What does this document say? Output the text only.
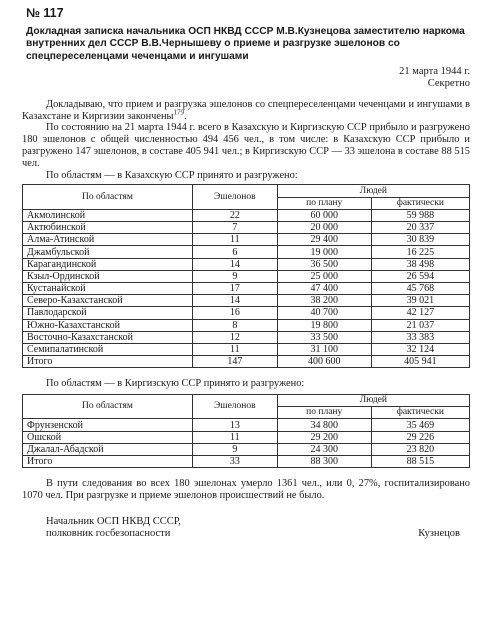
№ 117
Докладная записка начальника ОСП НКВД СССР М.В.Кузнецова заместителю наркома внутренних дел СССР В.В.Чернышеву о приеме и разгрузке эшелонов со спецпереселенцами чеченцами и ингушами
21 марта 1944 г.
Секретно

Докладываю, что прием и разгрузка эшелонов со спецпереселенцами чеченцами и ингушами в Казахстане и Киргизии закончены$^{179}$.

По состоянию на 21 марта 1944 г. всего в Казахскую и Киргизскую ССР прибыло и разгружено 180 эшелонов с общей численностью 494 456 чел., в том числе: в Казахскую ССР прибыло и разгружено 147 эшелонов, в составе 405 941 чел.; в Киргизскую ССР — 33 эшелона в составе 88 515 чел.

По областям — в Казахскую ССР принято и разгружено:

По областям	Эшелонов	Людей	
		по плану	фактически
Акмолинской	22	60 000	59 988
Актюбинской	7	20 000	20 337
Алма-Атинской	11	29 400	30 839
Джамбульской	6	19 000	16 225
Карагандинской	14	36 500	38 498
Кзыл-Ординской	9	25 000	26 594
Кустанайской	17	47 400	45 768
Северо-Казахстанской	14	38 200	39 021
Павлодарской	16	40 700	42 127
Южно-Казахстанской	8	19 800	21 037
Восточно-Казахстанской	12	33 500	33 383
Семипалатинской	11	31 100	32 124
Итого	147	400 600	405 941

По областям — в Киргизскую ССР принято и разгружено:

По областям	Эшелонов	Людей	
		по плану	фактически
Фрунзенской	13	34 800	35 469
Ошской	11	29 200	29 226
Джалал-Абадской	9	24 300	23 820
Итого	33	88 300	88 515

В пути следования во всех 180 эшелонах умерло 1361 чел., или 0, 27%, госпитализировано 1070 чел. При разгрузке и приеме эшелонов происшествий не было.

Начальник ОСП НКВД СССР,
полковник госбезопасности	Кузнецов
